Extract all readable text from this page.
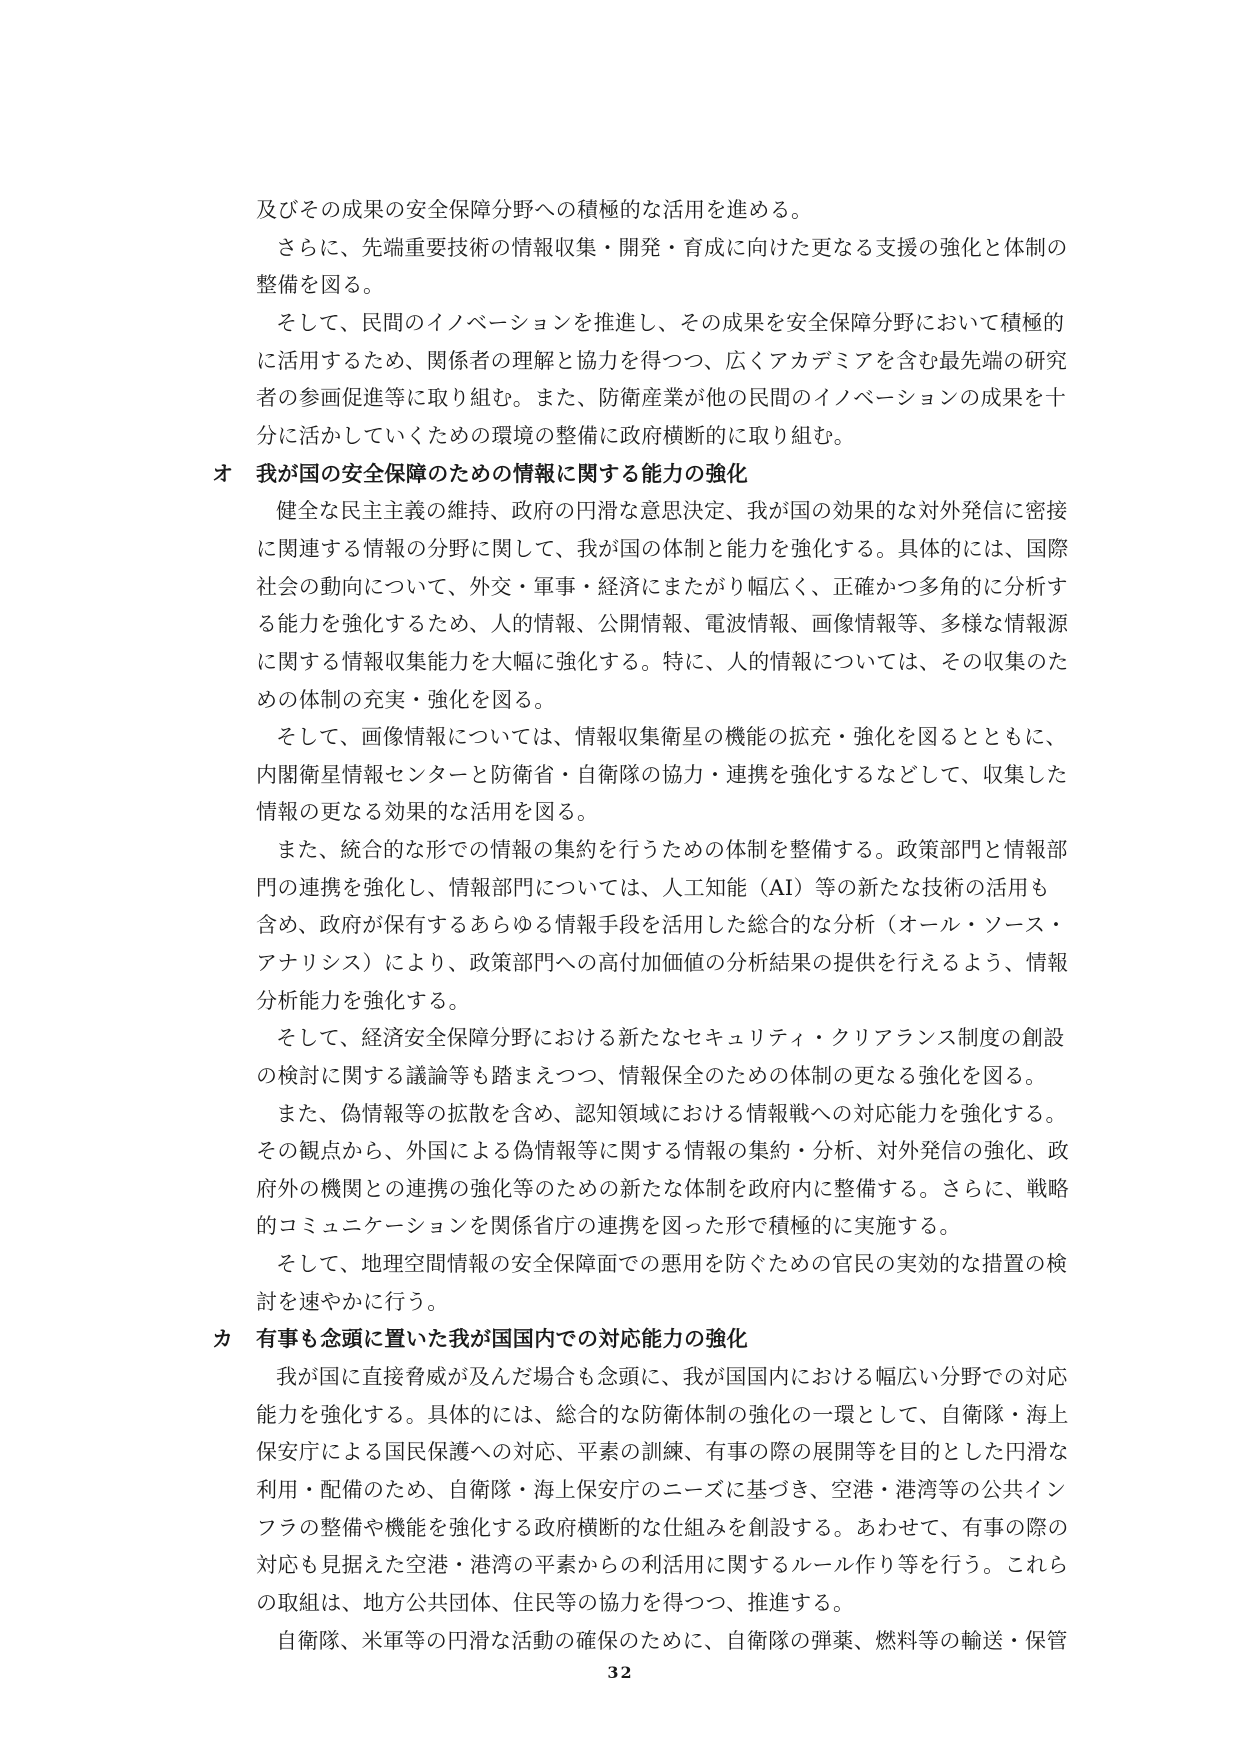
及びその成果の安全保障分野への積極的な活用を進める。
さらに、先端重要技術の情報収集・開発・育成に向けた更なる支援の強化と体制の
整備を図る。
そして、民間のイノベーションを推進し、その成果を安全保障分野において積極的
に活用するため、関係者の理解と協力を得つつ、広くアカデミアを含む最先端の研究
者の参画促進等に取り組む。また、防衛産業が他の民間のイノベーションの成果を十
分に活かしていくための環境の整備に政府横断的に取り組む。
オ 我が国の安全保障のための情報に関する能力の強化
健全な民主主義の維持、政府の円滑な意思決定、我が国の効果的な対外発信に密接
に関連する情報の分野に関して、我が国の体制と能力を強化する。具体的には、国際
社会の動向について、外交・軍事・経済にまたがり幅広く、正確かつ多角的に分析す
る能力を強化するため、人的情報、公開情報、電波情報、画像情報等、多様な情報源
に関する情報収集能力を大幅に強化する。特に、人的情報については、その収集のた
めの体制の充実・強化を図る。
そして、画像情報については、情報収集衛星の機能の拡充・強化を図るとともに、
内閣衛星情報センターと防衛省・自衛隊の協力・連携を強化するなどして、収集した
情報の更なる効果的な活用を図る。
また、統合的な形での情報の集約を行うための体制を整備する。政策部門と情報部
門の連携を強化し、情報部門については、人工知能（AI）等の新たな技術の活用も
含め、政府が保有するあらゆる情報手段を活用した総合的な分析（オール・ソース・
アナリシス）により、政策部門への高付加価値の分析結果の提供を行えるよう、情報
分析能力を強化する。
そして、経済安全保障分野における新たなセキュリティ・クリアランス制度の創設
の検討に関する議論等も踏まえつつ、情報保全のための体制の更なる強化を図る。
また、偽情報等の拡散を含め、認知領域における情報戦への対応能力を強化する。
その観点から、外国による偽情報等に関する情報の集約・分析、対外発信の強化、政
府外の機関との連携の強化等のための新たな体制を政府内に整備する。さらに、戦略
的コミュニケーションを関係省庁の連携を図った形で積極的に実施する。
そして、地理空間情報の安全保障面での悪用を防ぐための官民の実効的な措置の検
討を速やかに行う。
カ 有事も念頭に置いた我が国国内での対応能力の強化
我が国に直接脅威が及んだ場合も念頭に、我が国国内における幅広い分野での対応
能力を強化する。具体的には、総合的な防衛体制の強化の一環として、自衛隊・海上
保安庁による国民保護への対応、平素の訓練、有事の際の展開等を目的とした円滑な
利用・配備のため、自衛隊・海上保安庁のニーズに基づき、空港・港湾等の公共イン
フラの整備や機能を強化する政府横断的な仕組みを創設する。あわせて、有事の際の
対応も見据えた空港・港湾の平素からの利活用に関するルール作り等を行う。これら
の取組は、地方公共団体、住民等の協力を得つつ、推進する。
自衛隊、米軍等の円滑な活動の確保のために、自衛隊の弾薬、燃料等の輸送・保管
32
